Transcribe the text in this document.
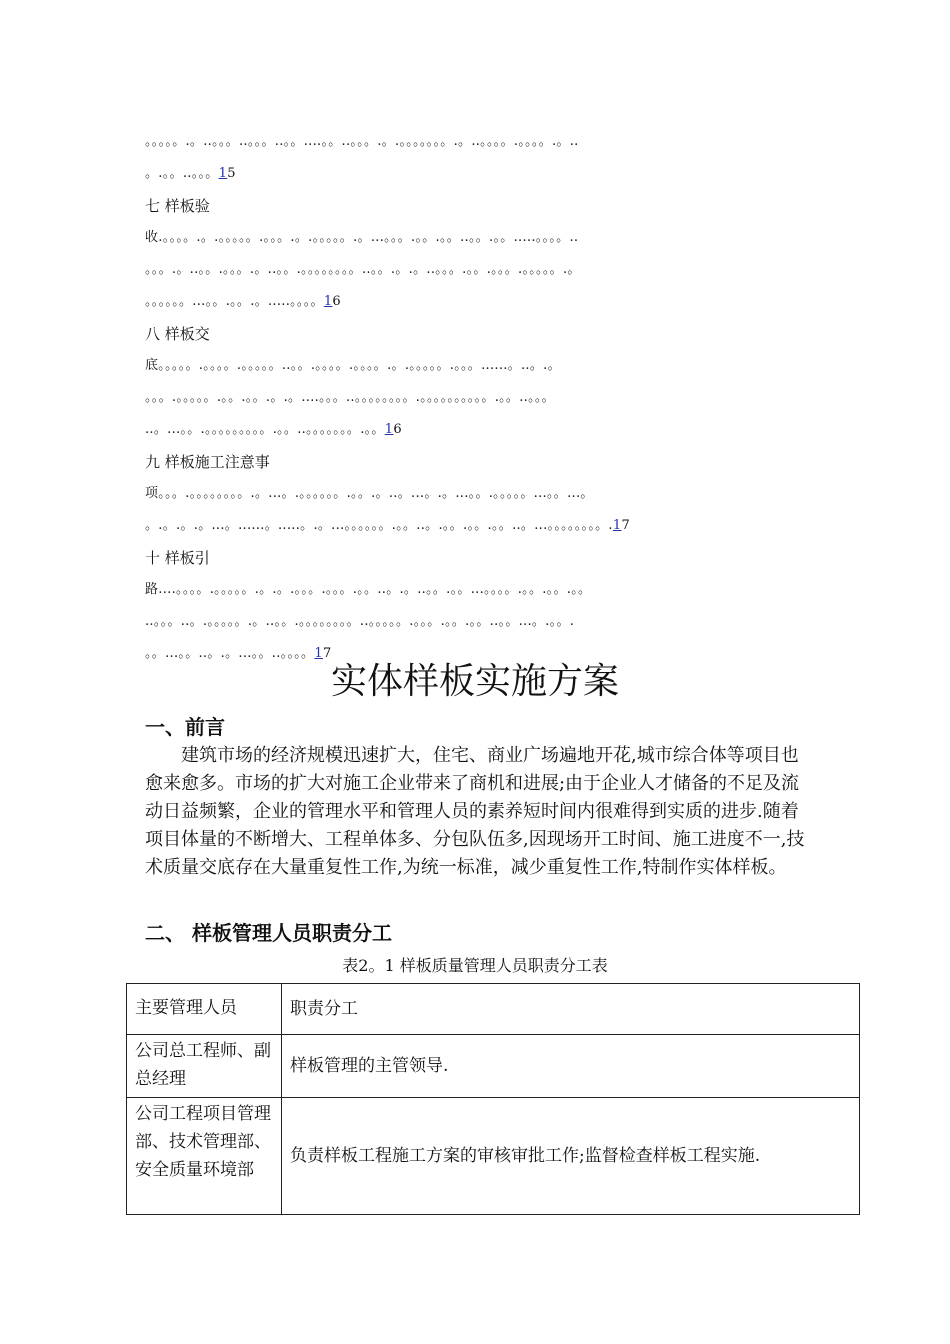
。。。。。.。..。。。..。。。..。。....。。..。。。.。.。。。。。。。.。..。。。。.。。。。.。..
。.。。..。。。15
七 样板验
收.。。。。.。.。。。。。.。。。.。.。。。。。.。...。。。.。。.。。..。。.。。.....。。。。..
。。。.。..。。.。。。.。..。。.。。。。。。。。..。。.。.。..。。。.。。.。。。.。。。。。.。
。。。。。。...。。.。。.。.....。。。。16
八 样板交
底。。。。。.。。。。.。。。。。..。。.。。。。.。。。。.。.。。。。。.。。。......。..。.。
。。。.。。。。。.。。.。。.。.。....。。。..。。。。。。。。.。。。。。。。。。。.。。..。。。
..。...。。.。。。。。。。。。.。。..。。。。。。。.。。16
九 样板施工注意事
项。。。.。。。。。。。。.。...。.。。。。。。.。。.。..。...。.。...。。.。。。。。...。。...。
。.。.。.。...。......。.....。.。...。。。。。。.。。..。.。。.。。.。。..。...。。。。。。。。.17
十 样板引
路....。。。。.。。。。。.。.。.。。。.。。。.。。..。.。..。。.。。...。。。。.。。.。。.。。
..。。。..。.。。。。。.。..。。.。。。。。。。。..。。。。。.。。。.。。.。。..。。...。.。。.
。。...。。..。.。...。。..。。。。17
实体样板实施方案
一、前言
建筑市场的经济规模迅速扩大，住宅、商业广场遍地开花,城市综合体等项目也愈来愈多。市场的扩大对施工企业带来了商机和进展;由于企业人才储备的不足及流动日益频繁，企业的管理水平和管理人员的素养短时间内很难得到实质的进步.随着项目体量的不断增大、工程单体多、分包队伍多,因现场开工时间、施工进度不一,技术质量交底存在大量重复性工作,为统一标准，减少重复性工作,特制作实体样板。
二、 样板管理人员职责分工
表2。1 样板质量管理人员职责分工表
主要管理人员	职责分工
公司总工程师、副总经理	样板管理的主管领导.
公司工程项目管理部、技术管理部、安全质量环境部	负责样板工程施工方案的审核审批工作;监督检查样板工程实施.
